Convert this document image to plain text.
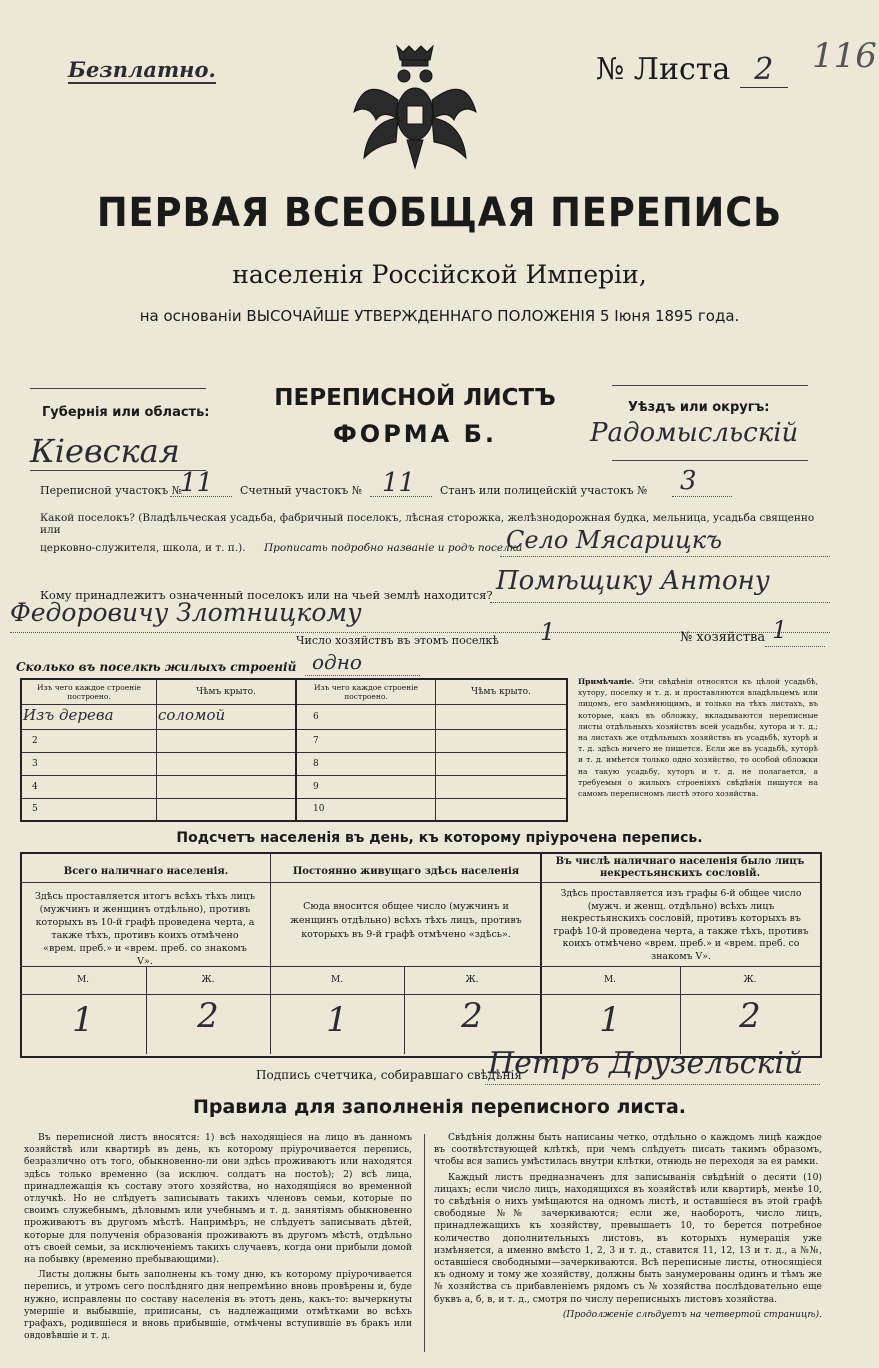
Безплатно.	№ Листа 2	116
ПЕРВАЯ ВСЕОБЩАЯ ПЕРЕПИСЬ
населенія Россійской Имперіи,
на основаніи ВЫСОЧАЙШЕ УТВЕРЖДЕННАГО ПОЛОЖЕНІЯ 5 Іюня 1895 года.
Губернія или область:
Кіевская
ПЕРЕПИСНОЙ ЛИСТЪ
ФОРМА Б.
Уѣздъ или округъ:
Радомысльскій
Переписной участокъ №
11 Счетный участокъ № 11 Станъ или полицейскій участокъ № 3
Какой поселокъ? (Владѣльческая усадьба, фабричный поселокъ, лѣсная сторожка, желѣзнодорожная будка, мельница, усадьба священно или
церковно-служителя, школа, и т. п.). Прописать подробно названіе и родъ поселка
Село Мясарицкъ
Кому принадлежитъ означенный поселокъ или на чьей землѣ находится? Помѣщику Антону
Федоровичу Злотницкому
Число хозяйствъ въ этомъ поселкѣ 1	№ хозяйства 1
Сколько въ поселкѣ жилыхъ строеній одно
Изъ чего каждое строеніе построено.	Чѣмъ крыто.	Изъ чего каждое строеніе построено.	Чѣмъ крыто.
Изъ дерева	соломой	6	
2		7	
3		8	
4		9	
5		10	
Примѣчаніе. Эти свѣдѣнія относятся къ цѣлой усадьбѣ, хутору, поселку и т. д. и проставляются владѣльцемъ или лицомъ, его замѣняющимъ, и только на тѣхъ листахъ, въ которые, какъ въ обложку, вкладываются переписные листы отдѣльныхъ хозяйствъ всей усадьбы, хутора и т. д.; на листахъ же отдѣльныхъ хозяйствъ въ усадьбѣ, хуторѣ и т. д. здѣсь ничего не пишется. Если же въ усадьбѣ, хуторѣ и т. д. имѣется только одно хозяйство, то особой обложки на такую усадьбу, хуторъ и т. д. не полагается, а требуемыя о жилыхъ строеніяхъ свѣдѣнія пишутся на самомъ переписномъ листѣ этого хозяйства.
Подсчетъ населенія въ день, къ которому пріурочена перепись.
Всего наличнаго населенія.
Здѣсь проставляется итогъ всѣхъ тѣхъ лицъ (мужчинъ и женщинъ отдѣльно), противъ которыхъ въ 10-й графѣ проведена черта, а также тѣхъ, противъ коихъ отмѣчено «врем. преб.» и «врем. преб. со знакомъ V».
Постоянно живущаго здѣсь населенія
Сюда вносится общее число (мужчинъ и женщинъ отдѣльно) всѣхъ тѣхъ лицъ, противъ которыхъ въ 9-й графѣ отмѣчено «здѣсь».
Въ числѣ наличнаго населенія было лицъ некрестьянскихъ сословій.
Здѣсь проставляется изъ графы 6-й общее число (мужч. и женщ. отдѣльно) всѣхъ лицъ некрестьянскихъ сословій, противъ которыхъ въ графѣ 10-й проведена черта, а также тѣхъ, противъ коихъ отмѣчено «врем. преб.» и «врем. преб. со знакомъ V».
М.	Ж.	М.	Ж.	М.	Ж.
1	2	1	2	1	2
Подпись счетчика, собиравшаго свѣдѣнія
Петръ Друзельскій
Правила для заполненія переписного листа.

Въ переписной листъ вносятся: 1) всѣ находящіеся на лицо въ данномъ хозяйствѣ или квартирѣ въ день, къ которому пріурочивается перепись, безразлично отъ того, обыкновенно-ли они здѣсь проживаютъ или находятся здѣсь только временно (за исключ. солдатъ на постоѣ); 2) всѣ лица, принадлежащія къ составу этого хозяйства, но находящіяся во временной отлучкѣ. Но не слѣдуетъ записывать такихъ членовъ семьи, которые по своимъ служебнымъ, дѣловымъ или учебнымъ и т. д. занятіямъ обыкновенно проживаютъ въ другомъ мѣстѣ. Напримѣръ, не слѣдуетъ записывать дѣтей, которые для полученія образованія проживаютъ въ другомъ мѣстѣ, отдѣльно отъ своей семьи, за исключеніемъ такихъ случаевъ, когда они прибыли домой на побывку (временно пребывающими).

Листы должны быть заполнены къ тому дню, къ которому пріурочивается перепись, и утромъ сего послѣдняго дня непремѣнно вновь провѣрены и, буде нужно, исправлены по составу населенія въ этотъ день, какъ-то: вычеркнуты умершіе и выбывшіе, приписаны, съ надлежащими отмѣтками во всѣхъ графахъ, родившіеся и вновь прибывшіе, отмѣчены вступившіе въ бракъ или овдовѣвшіе и т. д.

Свѣдѣнія должны быть написаны четко, отдѣльно о каждомъ лицѣ каждое въ соотвѣтствующей клѣткѣ, при чемъ слѣдуетъ писать такимъ образомъ, чтобы вся запись умѣстилась внутри клѣтки, отнюдь не переходя за ея рамки.

Каждый листъ предназначенъ для записыванія свѣдѣній о десяти (10) лицахъ; если число лицъ, находящихся въ хозяйствѣ или квартирѣ, менѣе 10, то свѣдѣнія о нихъ умѣщаются на одномъ листѣ, и оставшіеся въ этой графѣ свободные №№ зачеркиваются; если же, наоборотъ, число лицъ, принадлежащихъ къ хозяйству, превышаетъ 10, то берется потребное количество дополнительныхъ листовъ, въ которыхъ нумерація уже измѣняется, а именно вмѣсто 1, 2, 3 и т. д., ставится 11, 12, 13 и т. д., а №№, оставшіеся свободными—зачеркиваются. Всѣ переписные листы, относящіеся къ одному и тому же хозяйству, должны быть занумерованы одинъ и тѣмъ же № хозяйства съ прибавленіемъ рядомъ съ № хозяйства послѣдовательно еще буквъ а, б, в, и т. д., смотря по числу переписныхъ листовъ хозяйства.

(Продолженіе слѣдуетъ на четвертой страницѣ).
